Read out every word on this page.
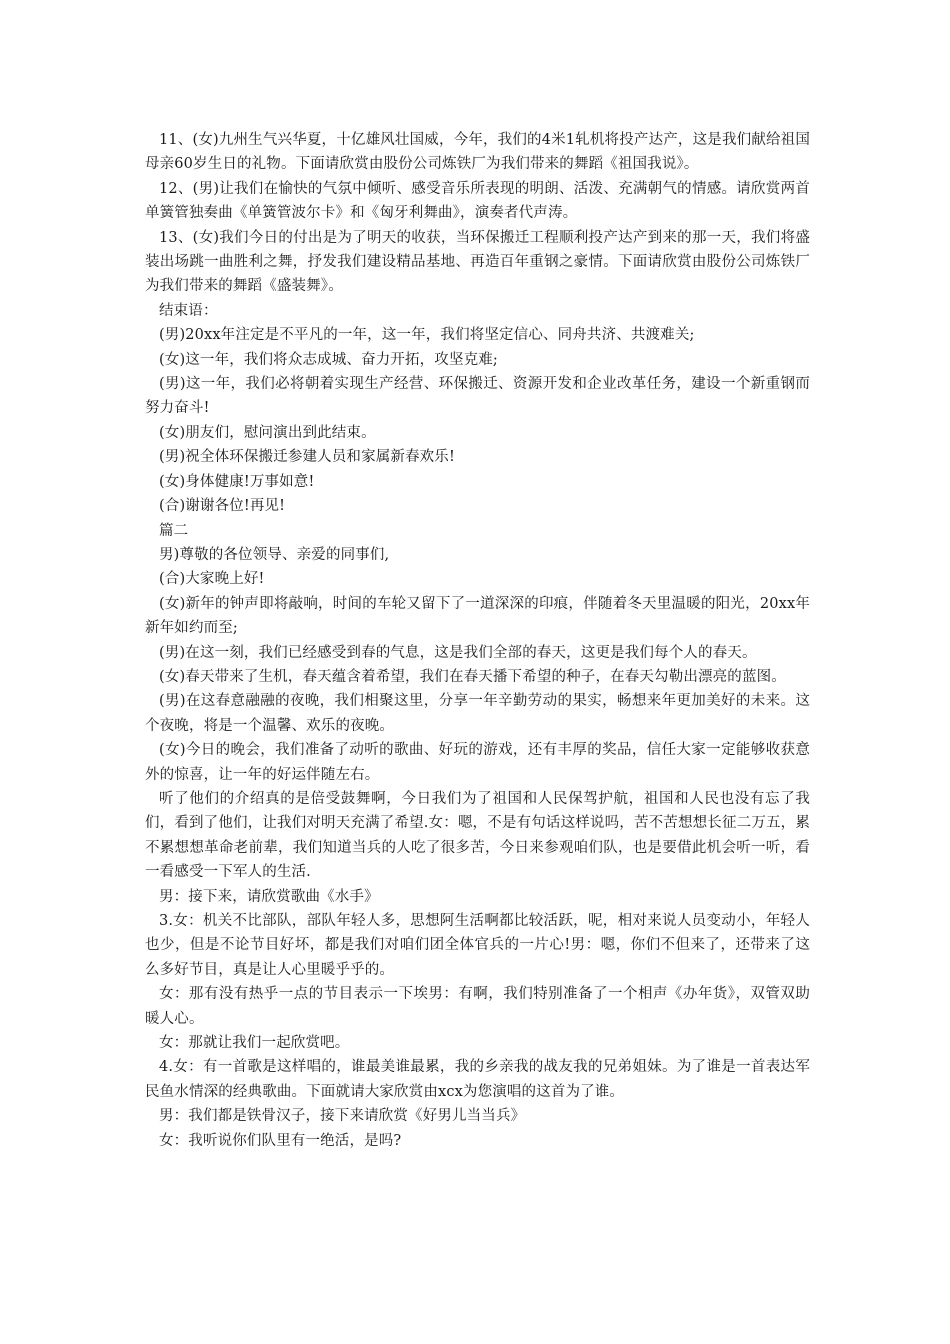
11、(女)九州生气兴华夏，十亿雄风壮国威，今年，我们的4米1轧机将投产达产，这是我们献给祖国母亲60岁生日的礼物。下面请欣赏由股份公司炼铁厂为我们带来的舞蹈《祖国我说》。

12、(男)让我们在愉快的气氛中倾听、感受音乐所表现的明朗、活泼、充满朝气的情感。请欣赏两首单簧管独奏曲《单簧管波尔卡》和《匈牙利舞曲》，演奏者代声涛。

13、(女)我们今日的付出是为了明天的收获，当环保搬迁工程顺利投产达产到来的那一天，我们将盛装出场跳一曲胜利之舞，抒发我们建设精品基地、再造百年重钢之豪情。下面请欣赏由股份公司炼铁厂为我们带来的舞蹈《盛装舞》。

结束语：

(男)20xx年注定是不平凡的一年，这一年，我们将坚定信心、同舟共济、共渡难关;

(女)这一年，我们将众志成城、奋力开拓，攻坚克难;

(男)这一年，我们必将朝着实现生产经营、环保搬迁、资源开发和企业改革任务，建设一个新重钢而努力奋斗!

(女)朋友们，慰问演出到此结束。

(男)祝全体环保搬迁参建人员和家属新春欢乐!

(女)身体健康!万事如意!

(合)谢谢各位!再见!

篇二

男)尊敬的各位领导、亲爱的同事们,

(合)大家晚上好!

(女)新年的钟声即将敲响，时间的车轮又留下了一道深深的印痕，伴随着冬天里温暖的阳光，20xx年新年如约而至;

(男)在这一刻，我们已经感受到春的气息，这是我们全部的春天，这更是我们每个人的春天。

(女)春天带来了生机，春天蕴含着希望，我们在春天播下希望的种子，在春天勾勒出漂亮的蓝图。

(男)在这春意融融的夜晚，我们相聚这里，分享一年辛勤劳动的果实，畅想来年更加美好的未来。这个夜晚，将是一个温馨、欢乐的夜晚。

(女)今日的晚会，我们准备了动听的歌曲、好玩的游戏，还有丰厚的奖品，信任大家一定能够收获意外的惊喜，让一年的好运伴随左右。

听了他们的介绍真的是倍受鼓舞啊，今日我们为了祖国和人民保驾护航，祖国和人民也没有忘了我们，看到了他们，让我们对明天充满了希望.女：嗯，不是有句话这样说吗，苦不苦想想长征二万五，累不累想想革命老前辈，我们知道当兵的人吃了很多苦，今日来参观咱们队，也是要借此机会听一听，看一看感受一下军人的生活.

男：接下来，请欣赏歌曲《水手》

3.女：机关不比部队，部队年轻人多，思想阿生活啊都比较活跃，呢，相对来说人员变动小，年轻人也少，但是不论节目好坏，都是我们对咱们团全体官兵的一片心!男：嗯，你们不但来了，还带来了这么多好节目，真是让人心里暖乎乎的。

女：那有没有热乎一点的节目表示一下埃男：有啊，我们特别准备了一个相声《办年货》，双管双助暖人心。

女：那就让我们一起欣赏吧。

4.女：有一首歌是这样唱的，谁最美谁最累，我的乡亲我的战友我的兄弟姐妹。为了谁是一首表达军民鱼水情深的经典歌曲。下面就请大家欣赏由xcx为您演唱的这首为了谁。

男：我们都是铁骨汉子，接下来请欣赏《好男儿当当兵》

女：我听说你们队里有一绝活，是吗?
